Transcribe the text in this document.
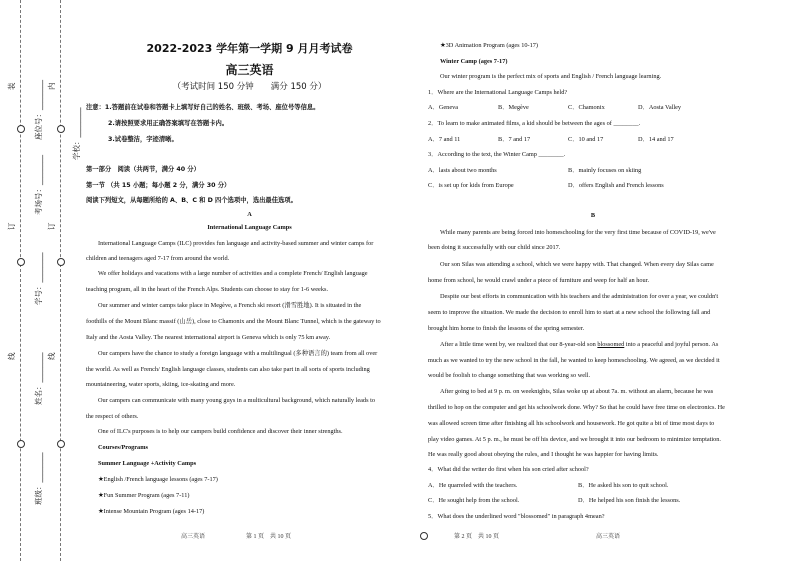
装
订
线
内
订
线
座位号：________
考场号：________
学号：________
姓名：________
班级：________
学校：________
2022-2023 学年第一学期 9 月月考试卷
高三英语
（考试时间 150 分钟　　满分 150 分）
注意：1.答题前在试卷和答题卡上填写好自己的姓名、班级、考场、座位号等信息。
2.请按照要求用正确答案填写在答题卡内。
3.试卷整洁，字迹清晰。
第一部分　阅读（共两节，满分 40 分）
第一节 （共 15 小题；每小题 2 分，满分 30 分）
阅读下列短文，从每题所给的 A、B、C 和 D 四个选项中，选出最佳选项。
A
International Language Camps
International Language Camps (ILC) provides fun language and activity-based summer and winter camps for
children and teenagers aged 7-17 from around the world.
We offer holidays and vacations with a large number of activities and a complete French/ English language
teaching program, all in the heart of the French Alps. Students can choose to stay for 1-6 weeks.
Our summer and winter camps take place in Megève, a French ski resort (滑雪胜地). It is situated in the
foothills of the Mount Blanc massif (山岳), close to Chamonix and the Mount Blanc Tunnel, which is the gateway to
Italy and the Aosta Valley. The nearest international airport is Geneva which is only 75 km away.
Our campers have the chance to study a foreign language with a multilingual (多种语言的) team from all over
the world. As well as French/ English language classes, students can also take part in all sorts of sports including
mountaineering, water sports, skiing, ice-skating and more.
Our campers can communicate with many young guys in a multicultural background, which naturally leads to
the respect of others.
One of ILC's purposes is to help our campers build confidence and discover their inner strengths.
Courses/Programs
Summer Language +Activity Camps
★English /French language lessons (ages 7-17)
★Fun Summer Program (ages 7-11)
★Intense Mountain Program (ages 14-17)
高三英语	第 1 页　共 10 页
★3D Animation Program (ages 10-17)
Winter Camp (ages 7-17)
Our winter program is the perfect mix of sports and English / French language learning.
1．Where are the International Language Camps held?
A．Geneva	B．Megève	C．Chamonix	D．Aosta Valley
2．To learn to make animated films, a kid should be between the ages of ________.
A．7 and 11	B．7 and 17	C．10 and 17	D．14 and 17
3．According to the text, the Winter Camp ________.
A．lasts about two months	B．mainly focuses on skiing
C．is set up for kids from Europe	D．offers English and French lessons
B
While many parents are being forced into homeschooling for the very first time because of COVID-19, we've
been doing it successfully with our child since 2017.
Our son Silas was attending a school, which we were happy with. That changed. When every day Silas came
home from school, he would crawl under a piece of furniture and weep for half an hour.
Despite our best efforts in communication with his teachers and the administration for over a year, we couldn't
seem to improve the situation. We made the decision to enroll him to start at a new school the following fall and
brought him home to finish the lessons of the spring semester.
After a little time went by, we realized that our 8-year-old son blossomed into a peaceful and joyful person. As
much as we wanted to try the new school in the fall, he wanted to keep homeschooling. We agreed, as we decided it
would be foolish to change something that was working so well.
After going to bed at 9 p. m. on weeknights, Silas woke up at about 7a. m. without an alarm, because he was
thrilled to hop on the computer and get his schoolwork done. Why? So that he could have free time on electronics. He
was allowed screen time after finishing all his schoolwork and housework. He got quite a bit of time most days to
play video games. At 5 p. m., he must be off his device, and we brought it into our bedroom to minimize temptation.
He was really good about obeying the rules, and I thought he was happier for having limits.
4．What did the writer do first when his son cried after school?
A．He quarreled with the teachers.	B．He asked his son to quit school.
C．He sought help from the school.	D．He helped his son finish the lessons.
5．What does the underlined word "blossomed" in paragraph 4mean?
第 2 页　共 10 页	高三英语
